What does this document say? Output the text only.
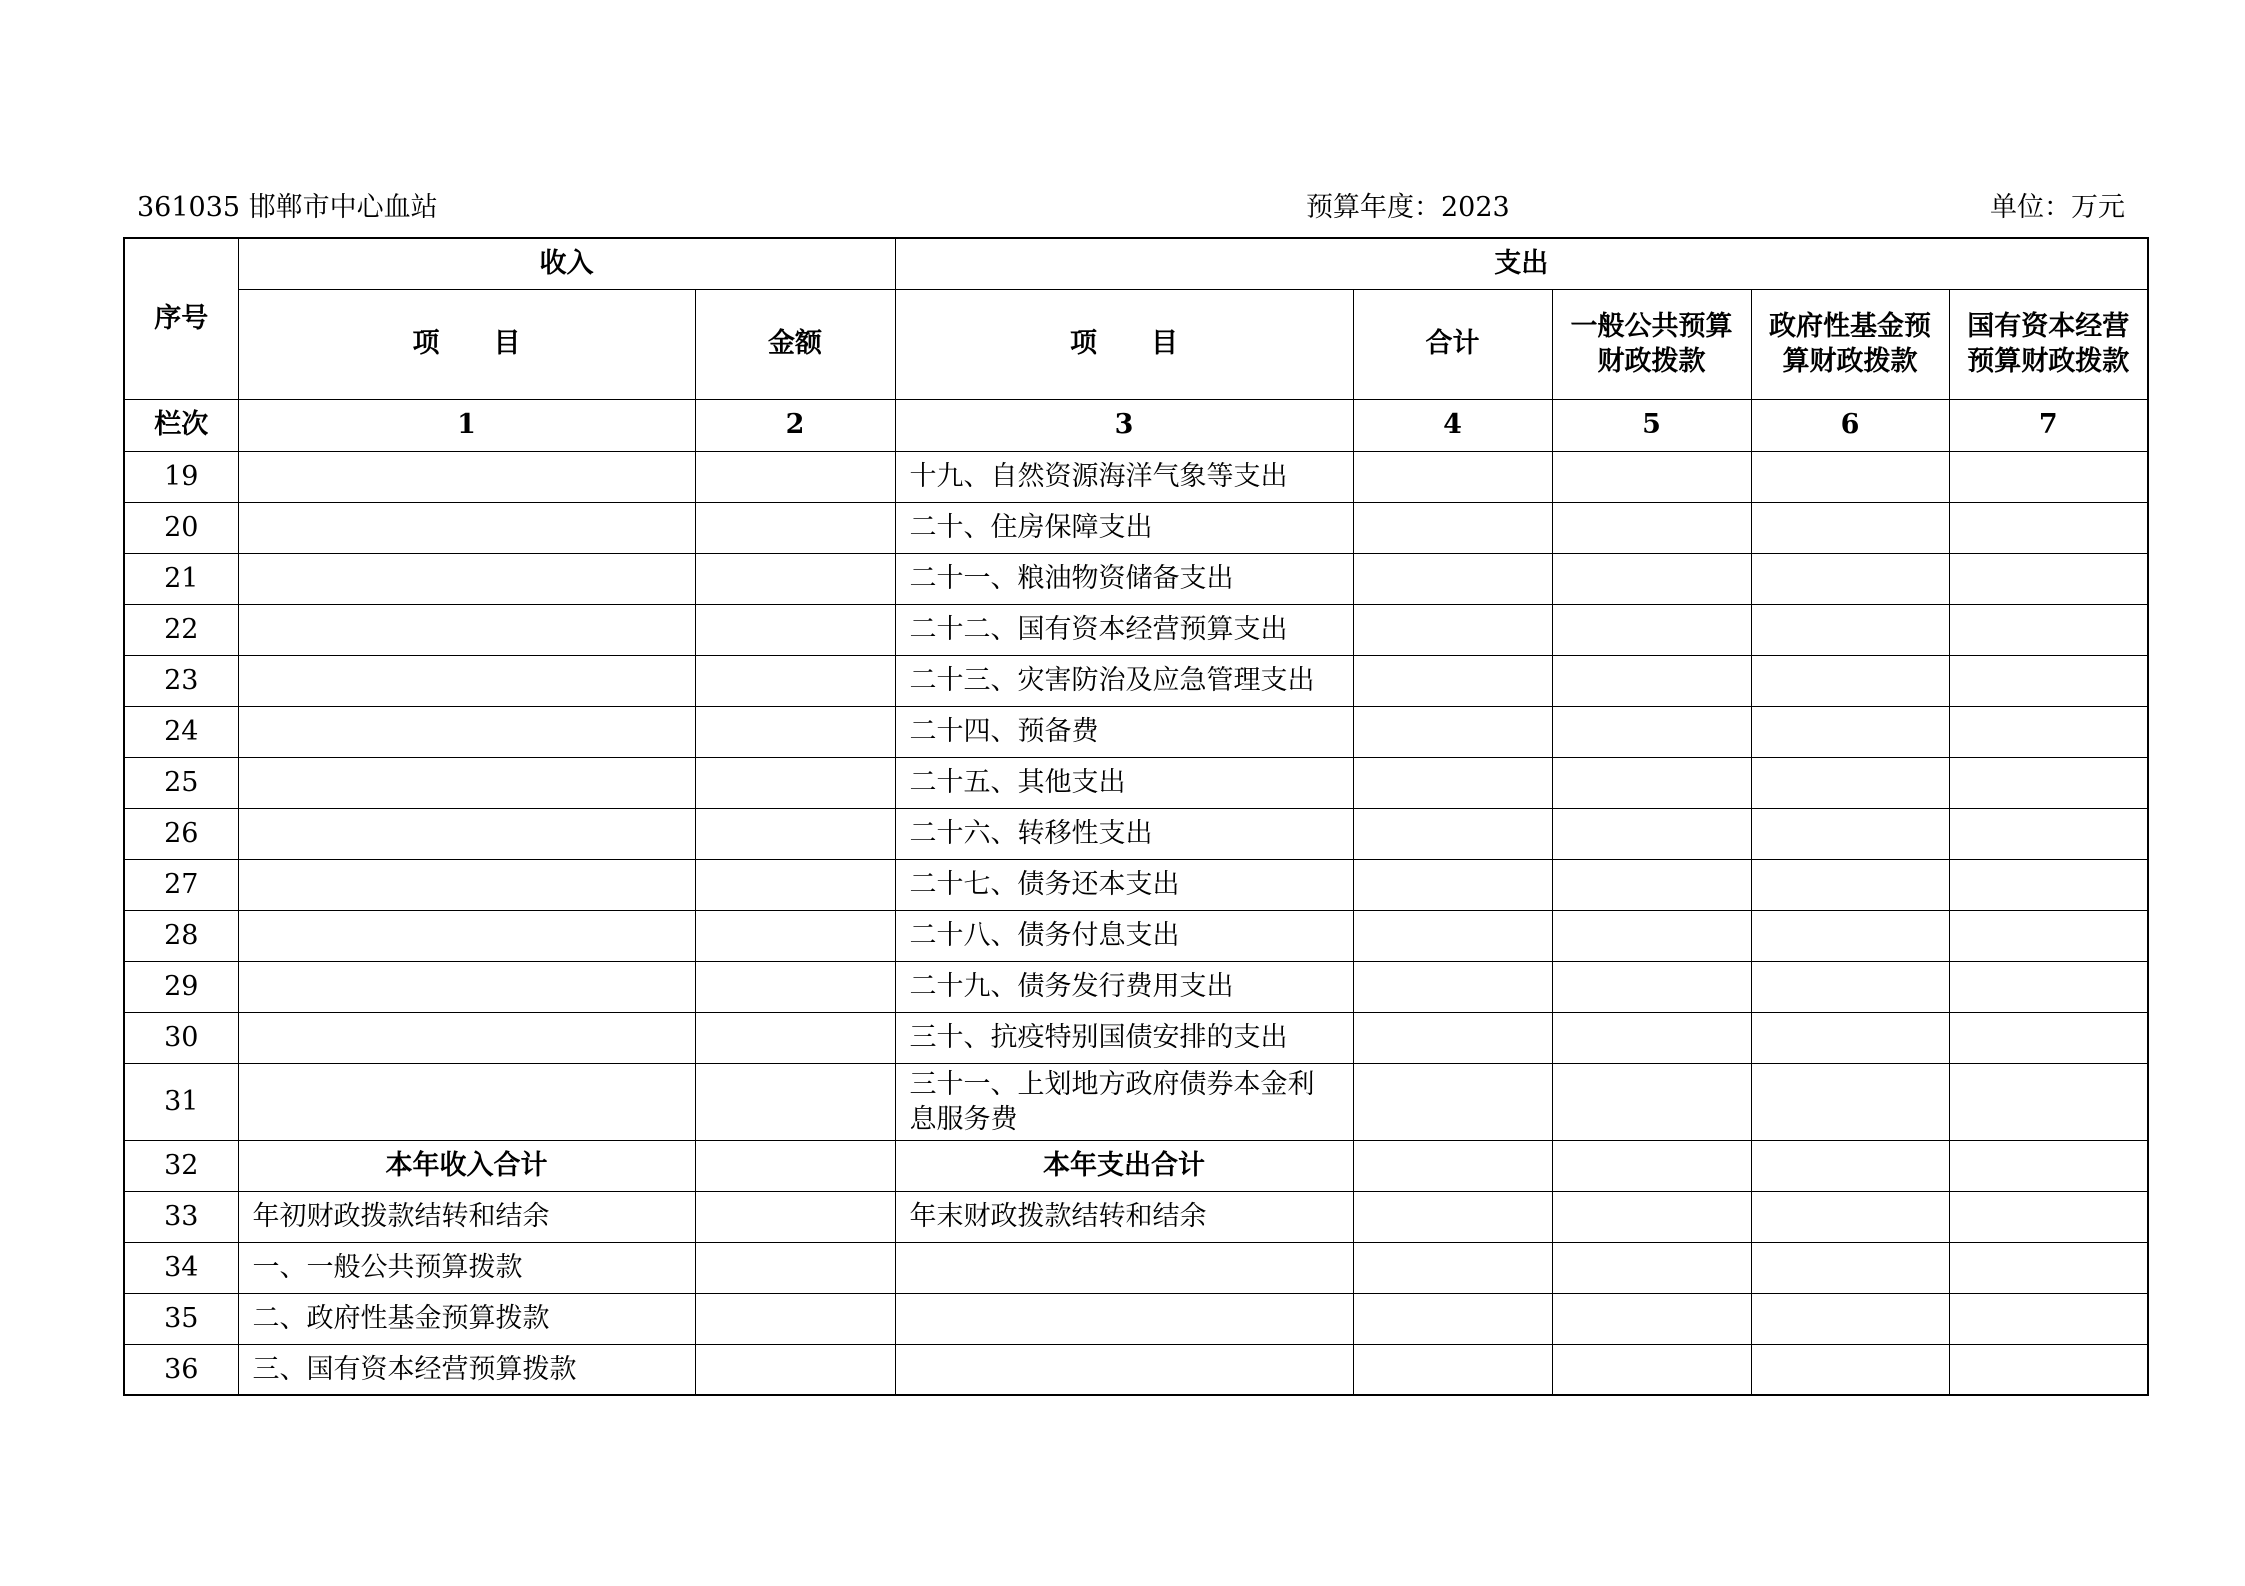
361035 邯郸市中心血站	预算年度：2023	单位：万元
序号	收入		支出				
	项　　目	金额	项　　目	合计	一般公共预算财政拨款	政府性基金预算财政拨款	国有资本经营预算财政拨款
栏次	1	2	3	4	5	6	7
19			十九、自然资源海洋气象等支出				
20			二十、住房保障支出				
21			二十一、粮油物资储备支出				
22			二十二、国有资本经营预算支出				
23			二十三、灾害防治及应急管理支出				
24			二十四、预备费				
25			二十五、其他支出				
26			二十六、转移性支出				
27			二十七、债务还本支出				
28			二十八、债务付息支出				
29			二十九、债务发行费用支出				
30			三十、抗疫特别国债安排的支出				
31			三十一、上划地方政府债券本金利息服务费				
32	本年收入合计		本年支出合计				
33	年初财政拨款结转和结余		年末财政拨款结转和结余				
34	一、一般公共预算拨款						
35	二、政府性基金预算拨款						
36	三、国有资本经营预算拨款						
